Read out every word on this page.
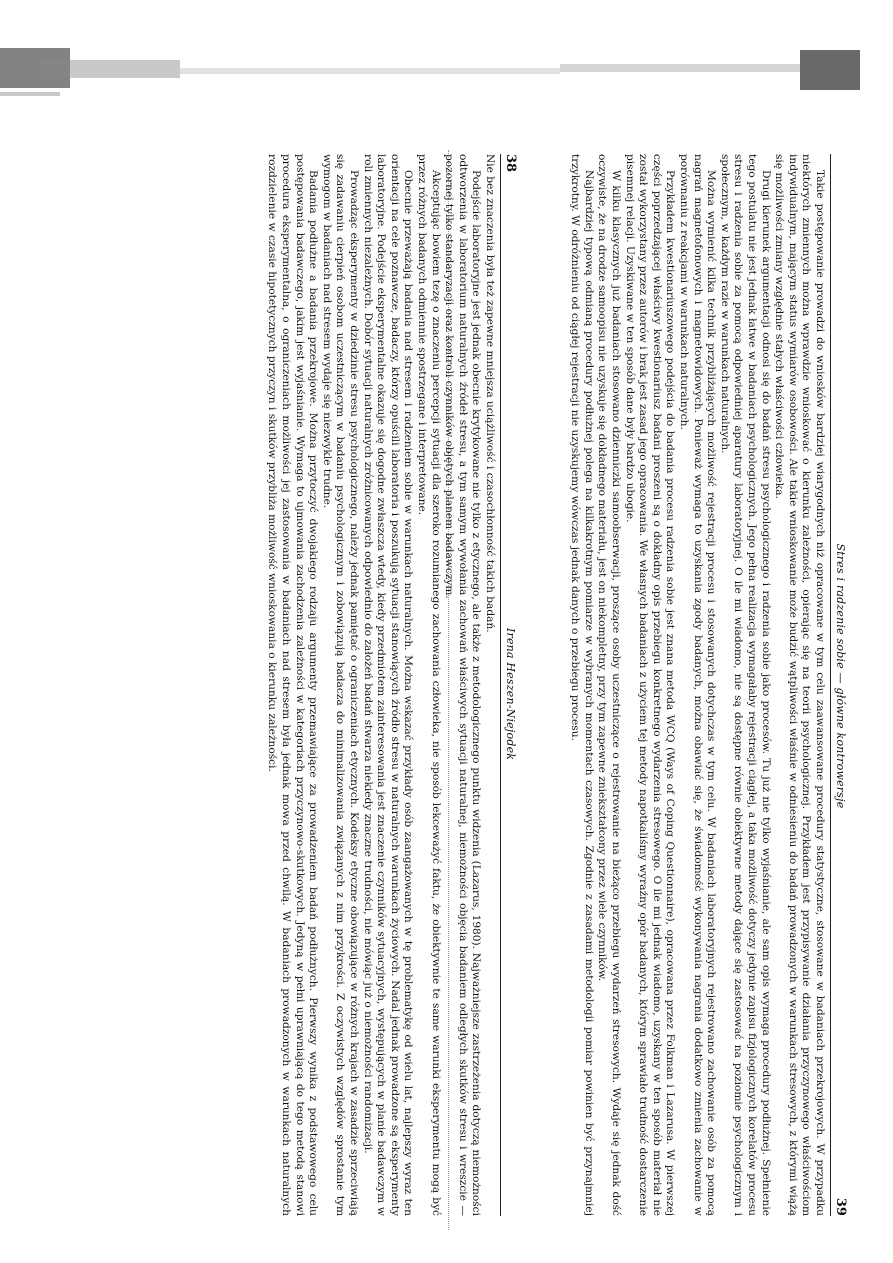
38
Irena Heszen-Niejodek

Nie bez znaczenia była też zapewne mniejsza uciążliwość i czasochłonność takich badań.

Podejście laboratoryjne jest jednak obecnie krytykowane nie tylko z etycznego, ale także z metodologicznego punktu widzenia (Lazarus, 1980). Najważniejsze zastrzeżenia dotyczą niemożności odtworzenia w laboratorium naturalnych źródeł stresu, a tym samym wywołania zachowań właściwych sytuacji naturalnej, niemożności objęcia badaniem odległych skutków stresu i wreszcie — pozornej tylko standaryzacji oraz kontroli czynników objętych planem badawczym.

Akceptując bowiem tezę o znaczeniu percepcji sytuacji dla szeroko rozumianego zachowania człowieka, nie sposób lekceważyć faktu, że obiektywnie te same warunki eksperymentu mogą być przez różnych badanych odmiennie spostrzegane i interpretowane.

Obecnie przeważają badania nad stresem i radzeniem sobie w warunkach naturalnych. Można wskazać przykłady osób zaangażowanych w tę problematykę od wielu lat, najlepszy wyraz ten orientacji na cele poznawcze, badaczy, którzy opuścili laboratoria i poszukują sytuacji stanowiących źródło stresu w naturalnych warunkach życiowych. Nadal jednak prowadzone są eksperymenty laboratoryjne. Podejście eksperymentalne okazuje się dogodne zwłaszcza wtedy, kiedy przedmiotem zainteresowania jest znaczenie czynników sytuacyjnych, występujących w planie badawczym w roli zmiennych niezależnych. Dobór sytuacji naturalnych zróżnicowanych odpowiednio do założeń badań stwarza niekiedy znaczne trudności, nie mówiąc już o niemożności randomizacji.

Prowadząc eksperymenty w dziedzinie stresu psychologicznego, należy jednak pamiętać o ograniczeniach etycznych. Kodeksy etyczne obowiązujące w różnych krajach w zasadzie sprzeciwiają się zadawaniu cierpień osobom uczestniczącym w badaniu psychologicznym i zobowiązują badacza do minimalizowania związanych z nim przykrości. Z oczywistych względów sprostanie tym wymogom w badaniach nad stresem wydaje się niezwykle trudne.

Badania podłużne a badania przekrojowe. Można przytoczyć dwojakiego rodzaju argumenty przemawiające za prowadzeniem badań podłużnych. Pierwszy wynika z podstawowego celu postępowania badawczego, jakim jest wyjaśnianie. Wymaga to ujmowania zachodzenia zależności w kategoriach przyczynowo-skutkowych. Jedyną w pełni uprawniającą do tego metodą stanowi procedura eksperymentalna, o ograniczeniach możliwości jej zastosowania w badaniach nad stresem była jednak mowa przed chwilą. W badaniach prowadzonych w warunkach naturalnych rozdzielenie w czasie hipotetycznych przyczyn i skutków przybliża możliwość wnioskowania o kierunku zależności.	Stres i radzenie sobie — główne kontrowersje
39

Takie postępowanie prowadzi do wniosków bardziej wiarygodnych niż opracowane w tym celu zaawansowane procedury statystyczne, stosowane w badaniach przekrojowych. W przypadku niektórych zmiennych można wprawdzie wnioskować o kierunku zależności, opierając się na teorii psychologicznej. Przykładem jest przypisywanie działania przyczynowego właściwościom indywidualnym, mającym status wymiarów osobowości. Ale takie wnioskowanie może budzić wątpliwości właśnie w odniesieniu do badań prowadzonych w warunkach stresowych, z którymi wiążą się możliwości zmiany względnie stałych właściwości człowieka.

Drugi kierunek argumentacji odnosi się do badań stresu psychologicznego i radzenia sobie jako procesów. Tu już nie tylko wyjaśnianie, ale sam opis wymaga procedury podłużnej. Spełnienie tego postulatu nie jest jednak łatwe w badaniach psychologicznych. Jego pełna realizacja wymagałaby rejestracji ciągłej, a taka możliwość dotyczy jedynie zapisu fizjologicznych korelatów procesu stresu i radzenia sobie za pomocą odpowiedniej aparatury laboratoryjnej. O ile mi wiadomo, nie są dostępne równie obiektywne metody dające się zastosować na poziomie psychologicznym i społecznym, w każdym razie w warunkach naturalnych.

Można wymienić kilka technik przybliżających możliwość rejestracji procesu i stosowanych dotychczas w tym celu. W badaniach laboratoryjnych rejestrowano zachowanie osób za pomocą nagrań magnetofonowych i magnetowidowych. Ponieważ wymaga to uzyskania zgody badanych, można obawiać się, że świadomość wykonywania nagrania dodatkowo zmienia zachowanie w porównaniu z reakcjami w warunkach naturalnych.

Przykładem kwestionariuszowego podejścia do badania procesu radzenia sobie jest znana metoda WCQ (Ways of Coping Questionnaire), opracowana przez Folkman i Lazarusa. W pierwszej części poprzedzającej właściwy kwestionariusz badani proszeni są o dokładny opis przebiegu konkretnego wydarzenia stresowego. O ile mi jednak wiadomo, uzyskany w ten sposób materiał nie został wykorzystany przez autorów i brak jest zasad jego opracowania. We własnych badaniach z użyciem tej metody napotkaliśmy wyraźny opór badanych, którym sprawiało trudność dostarczenie pisemnej relacji. Uzyskiwane w ten sposób dane były bardzo ubogie.

W kilku klasycznych już badaniach stosowano dzienniczki samoobserwacji, proszące osoby uczestniczące o rejestrowanie na bieżąco przebiegu wydarzeń stresowych. Wydaje się jednak dość oczywiste, że na drodze samoopisu nie uzyskuje się dokładnego materiału, jest on niekompletny, przy tym zapewne zniekształcony przez wiele czynników.

Najbardziej typową odmianą procedury podłużnej polega na kilkakrotnym pomiarze w wybranych momentach czasowych. Zgodnie z zasadami metodologii pomiar powinien być przynajmniej trzykrotny. W odróżnieniu od ciągłej rejestracji nie uzyskujemy wówczas jednak danych o przebiegu procesu.
